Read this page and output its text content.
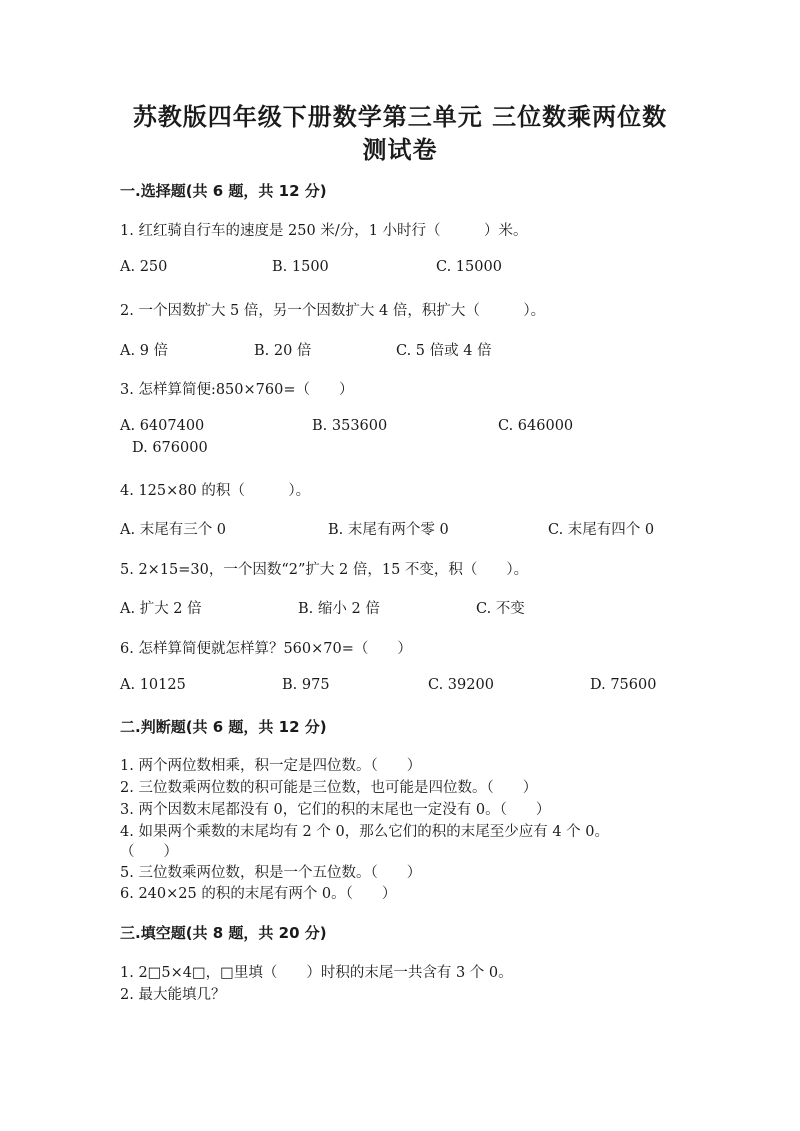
苏教版四年级下册数学第三单元 三位数乘两位数
测试卷
一.选择题(共 6 题，共 12 分)
1. 红红骑自行车的速度是 250 米/分，1 小时行（　　　）米。
A. 250	B. 1500	C. 15000
2. 一个因数扩大 5 倍，另一个因数扩大 4 倍，积扩大（　　　）。
A. 9 倍	B. 20 倍	C. 5 倍或 4 倍
3. 怎样算简便:850×760=（　　）
A. 6407400	B. 353600	C. 646000
D. 676000
4. 125×80 的积（　　　）。
A. 末尾有三个 0	B. 末尾有两个零 0	C. 末尾有四个 0
5. 2×15=30，一个因数“2”扩大 2 倍，15 不变，积（　　）。
A. 扩大 2 倍	B. 缩小 2 倍	C. 不变
6. 怎样算简便就怎样算？560×70=（　　）
A. 10125	B. 975	C. 39200	D. 75600
二.判断题(共 6 题，共 12 分)
1. 两个两位数相乘，积一定是四位数。（　　）
2. 三位数乘两位数的积可能是三位数，也可能是四位数。（　　）
3. 两个因数末尾都没有 0，它们的积的末尾也一定没有 0。（　　）
4. 如果两个乘数的末尾均有 2 个 0，那么它们的积的末尾至少应有 4 个 0。
（　　）
5. 三位数乘两位数，积是一个五位数。（　　）
6. 240×25 的积的末尾有两个 0。（　　）
三.填空题(共 8 题，共 20 分)
1. 2□5×4□，□里填（　　）时积的末尾一共含有 3 个 0。
2. 最大能填几？
